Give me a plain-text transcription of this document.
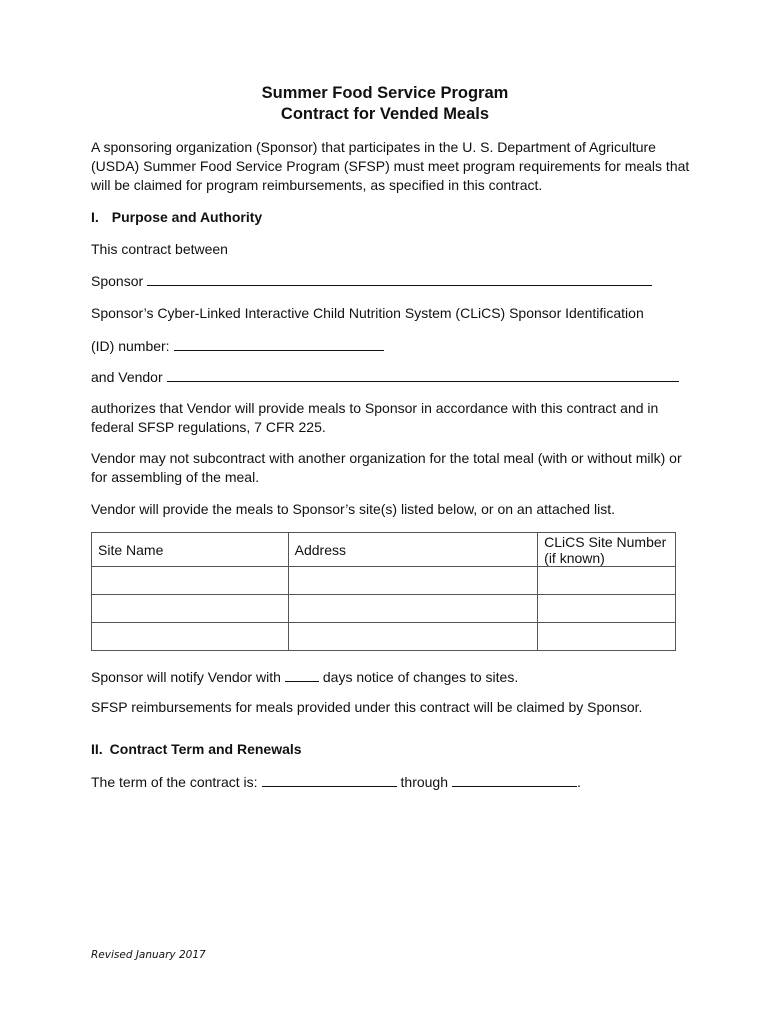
Summer Food Service Program
Contract for Vended Meals
A sponsoring organization (Sponsor) that participates in the U. S. Department of Agriculture (USDA) Summer Food Service Program (SFSP) must meet program requirements for meals that will be claimed for program reimbursements, as specified in this contract.
I. Purpose and Authority
This contract between
Sponsor
Sponsor’s Cyber-Linked Interactive Child Nutrition System (CLiCS) Sponsor Identification
(ID) number:
and Vendor
authorizes that Vendor will provide meals to Sponsor in accordance with this contract and in federal SFSP regulations, 7 CFR 225.
Vendor may not subcontract with another organization for the total meal (with or without milk) or for assembling of the meal.
Vendor will provide the meals to Sponsor’s site(s) listed below, or on an attached list.
Site Name	Address	CLiCS Site Number (if known)

Sponsor will notify Vendor with	days notice of changes to sites.
SFSP reimbursements for meals provided under this contract will be claimed by Sponsor.
II. Contract Term and Renewals
The term of the contract is:	through	.
Revised January 2017
